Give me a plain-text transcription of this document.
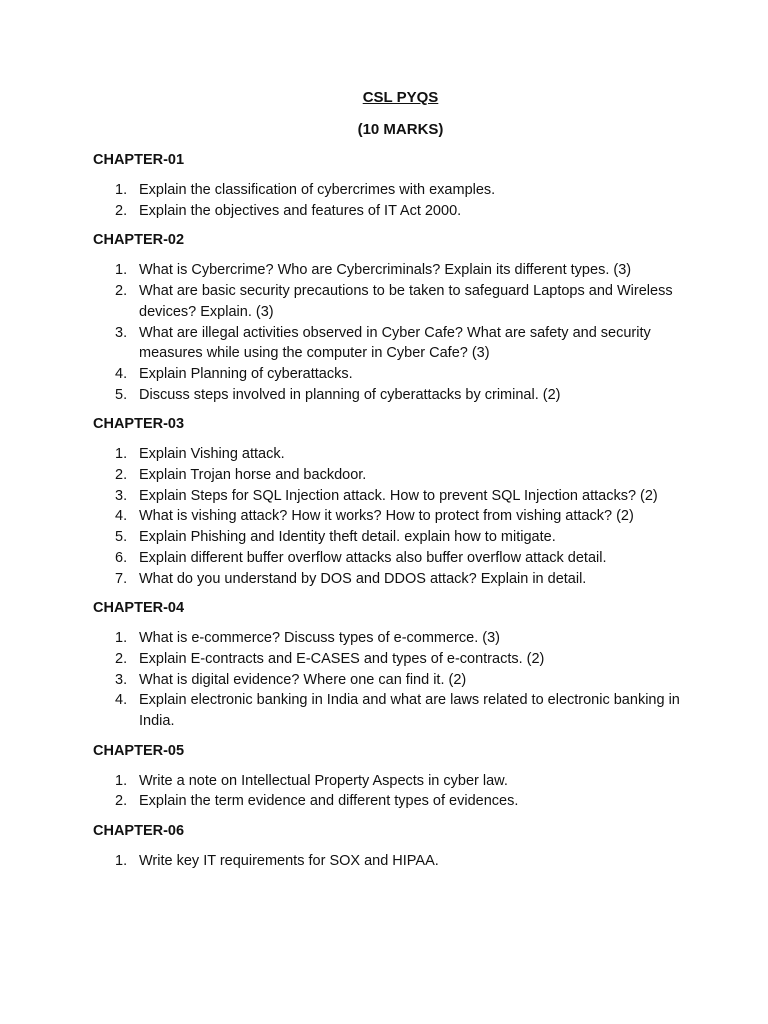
CSL PYQS
(10 MARKS)
CHAPTER-01
1. Explain the classification of cybercrimes with examples.
2. Explain the objectives and features of IT Act 2000.
CHAPTER-02
1. What is Cybercrime? Who are Cybercriminals? Explain its different types. (3)
2. What are basic security precautions to be taken to safeguard Laptops and Wireless devices? Explain. (3)
3. What are illegal activities observed in Cyber Cafe? What are safety and security measures while using the computer in Cyber Cafe? (3)
4. Explain Planning of cyberattacks.
5. Discuss steps involved in planning of cyberattacks by criminal. (2)
CHAPTER-03
1. Explain Vishing attack.
2. Explain Trojan horse and backdoor.
3. Explain Steps for SQL Injection attack. How to prevent SQL Injection attacks? (2)
4. What is vishing attack? How it works? How to protect from vishing attack? (2)
5. Explain Phishing and Identity theft detail. explain how to mitigate.
6. Explain different buffer overflow attacks also buffer overflow attack detail.
7. What do you understand by DOS and DDOS attack? Explain in detail.
CHAPTER-04
1. What is e-commerce? Discuss types of e-commerce. (3)
2. Explain E-contracts and E-CASES and types of e-contracts. (2)
3. What is digital evidence? Where one can find it. (2)
4. Explain electronic banking in India and what are laws related to electronic banking in India.
CHAPTER-05
1. Write a note on Intellectual Property Aspects in cyber law.
2. Explain the term evidence and different types of evidences.
CHAPTER-06
1. Write key IT requirements for SOX and HIPAA.
